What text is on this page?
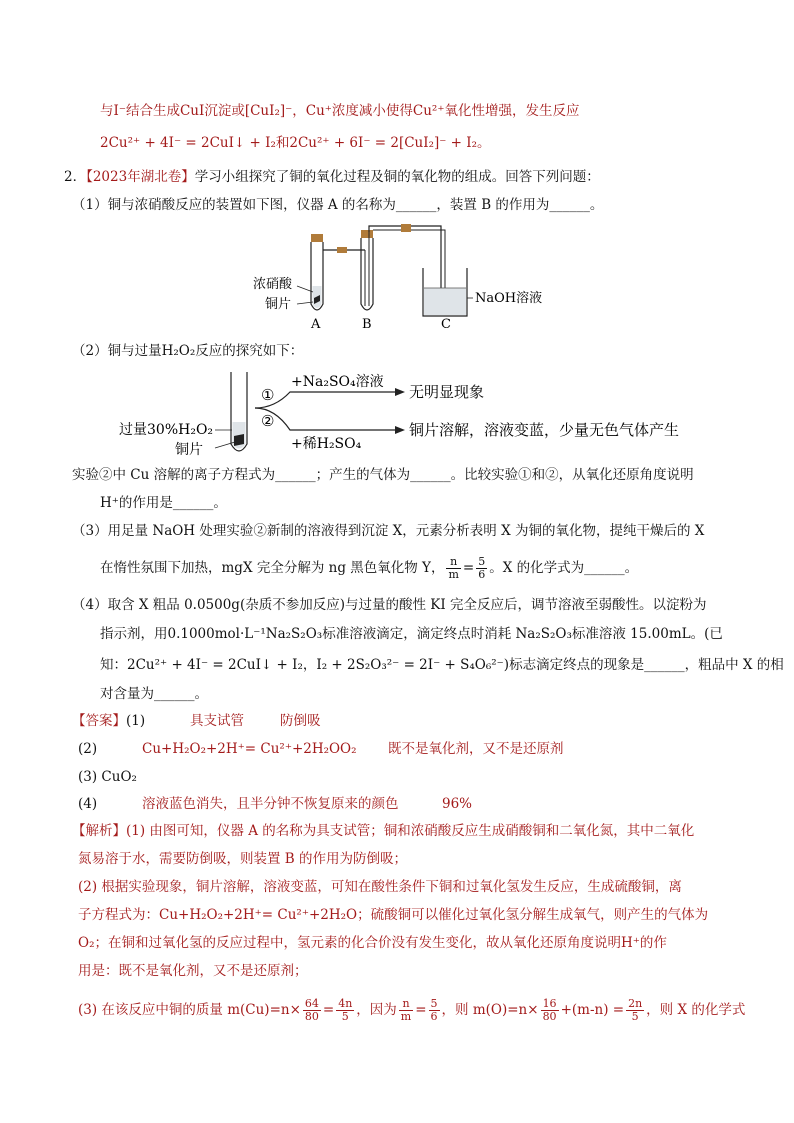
与I⁻结合生成CuI沉淀或[CuI₂]⁻，Cu⁺浓度减小使得Cu²⁺氧化性增强，发生反应
2Cu²⁺ + 4I⁻ = 2CuI↓ + I₂和2Cu²⁺ + 6I⁻ = 2[CuI₂]⁻ + I₂。
2．【2023年湖北卷】学习小组探究了铜的氧化过程及铜的氧化物的组成。回答下列问题：
（1）铜与浓硝酸反应的装置如下图，仪器 A 的名称为______，装置 B 的作用为______。
浓硝酸
铜片	NaOH溶液
A	B	C
（2）铜与过量H₂O₂反应的探究如下：
过量30%H₂O₂
铜片
①
②
+Na₂SO₄溶液
+稀H₂SO₄
无明显现象
铜片溶解，溶液变蓝，少量无色气体产生
实验②中 Cu 溶解的离子方程式为______；产生的气体为______。比较实验①和②，从氧化还原角度说明
H⁺的作用是______。
（3）用足量 NaOH 处理实验②新制的溶液得到沉淀 X，元素分析表明 X 为铜的氧化物，提纯干燥后的 X
在惰性氛围下加热，mgX 完全分解为 ng 黑色氧化物 Y， $\frac{n}{m} = \frac{5}{6}$ 。X 的化学式为______。
（4）取含 X 粗品 0.0500g(杂质不参加反应)与过量的酸性 KI 完全反应后，调节溶液至弱酸性。以淀粉为
指示剂，用0.1000mol·L⁻¹Na₂S₂O₃标准溶液滴定，滴定终点时消耗 Na₂S₂O₃标准溶液 15.00mL。(已
知：2Cu²⁺ + 4I⁻ = 2CuI↓ + I₂，I₂ + 2S₂O₃²⁻ = 2I⁻ + S₄O₆²⁻)标志滴定终点的现象是______，粗品中 X 的相
对含量为______。
【答案】(1)	具支试管	防倒吸
(2)	Cu+H₂O₂+2H⁺= Cu²⁺+2H₂O O₂ 既不是氧化剂，又不是还原剂
(3) CuO₂
(4)	溶液蓝色消失，且半分钟不恢复原来的颜色	96%
【解析】(1) 由图可知，仪器 A 的名称为具支试管；铜和浓硝酸反应生成硝酸铜和二氧化氮，其中二氧化
氮易溶于水，需要防倒吸，则装置 B 的作用为防倒吸；
(2) 根据实验现象，铜片溶解，溶液变蓝，可知在酸性条件下铜和过氧化氢发生反应，生成硫酸铜，离
子方程式为：Cu+H₂O₂+2H⁺= Cu²⁺+2H₂O；硫酸铜可以催化过氧化氢分解生成氧气，则产生的气体为
O₂；在铜和过氧化氢的反应过程中，氢元素的化合价没有发生变化，故从氧化还原角度说明H⁺的作
用是：既不是氧化剂，又不是还原剂；
(3) 在该反应中铜的质量 $m(Cu)=n\times \frac{64}{80} = \frac{4n}{5}$ ，因为 $\frac{n}{m} = \frac{5}{6}$ ，则 $m(O)=n\times \frac{16}{80} +(m-n) = \frac{2n}{5}$ ，则 X 的化学式
